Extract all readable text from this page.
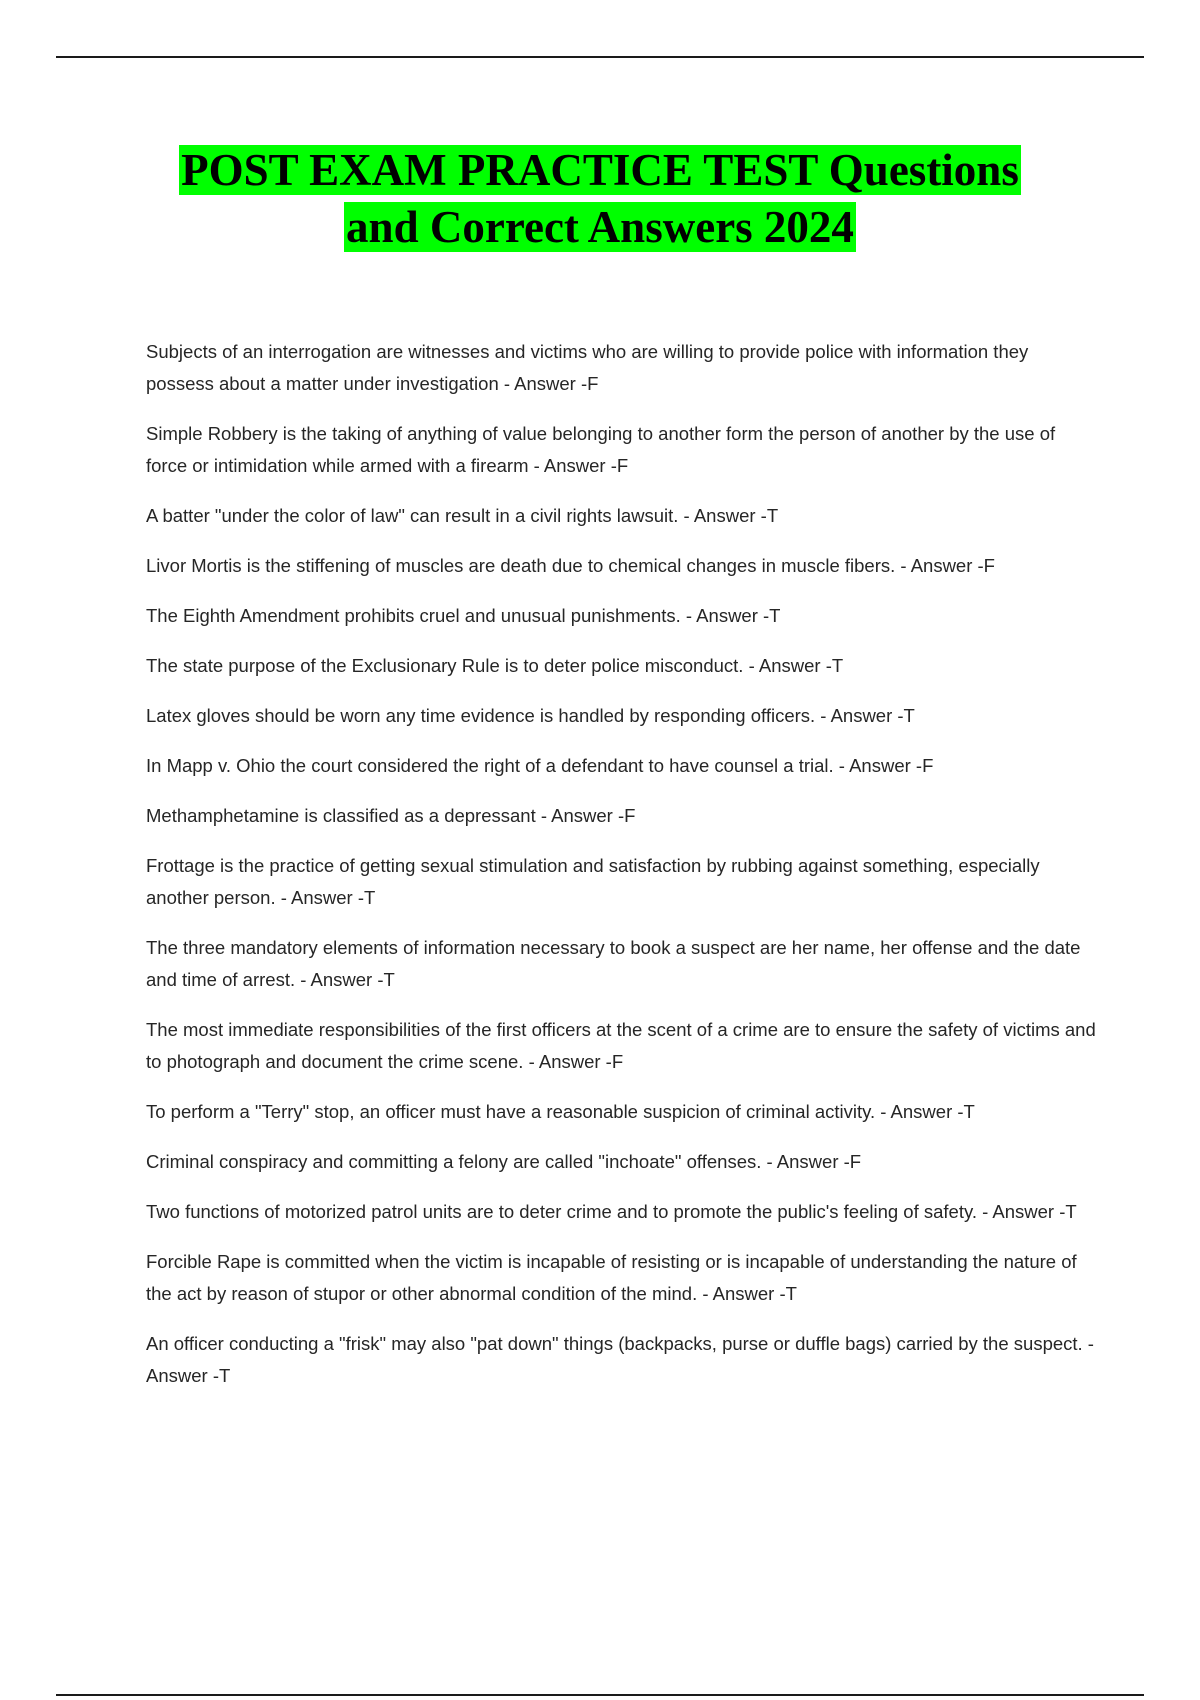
POST EXAM PRACTICE TEST Questions
and Correct Answers 2024
Subjects of an interrogation are witnesses and victims who are willing to provide police with information they possess about a matter under investigation - Answer -F
Simple Robbery is the taking of anything of value belonging to another form the person of another by the use of force or intimidation while armed with a firearm - Answer -F
A batter "under the color of law" can result in a civil rights lawsuit. - Answer -T
Livor Mortis is the stiffening of muscles are death due to chemical changes in muscle fibers. - Answer -F
The Eighth Amendment prohibits cruel and unusual punishments. - Answer -T
The state purpose of the Exclusionary Rule is to deter police misconduct. - Answer -T
Latex gloves should be worn any time evidence is handled by responding officers. - Answer -T
In Mapp v. Ohio the court considered the right of a defendant to have counsel a trial. - Answer -F
Methamphetamine is classified as a depressant - Answer -F
Frottage is the practice of getting sexual stimulation and satisfaction by rubbing against something, especially another person. - Answer -T
The three mandatory elements of information necessary to book a suspect are her name, her offense and the date and time of arrest. - Answer -T
The most immediate responsibilities of the first officers at the scent of a crime are to ensure the safety of victims and to photograph and document the crime scene. - Answer -F
To perform a "Terry" stop, an officer must have a reasonable suspicion of criminal activity. - Answer -T
Criminal conspiracy and committing a felony are called "inchoate" offenses. - Answer -F
Two functions of motorized patrol units are to deter crime and to promote the public's feeling of safety. - Answer -T
Forcible Rape is committed when the victim is incapable of resisting or is incapable of understanding the nature of the act by reason of stupor or other abnormal condition of the mind. - Answer -T
An officer conducting a "frisk" may also "pat down" things (backpacks, purse or duffle bags) carried by the suspect. - Answer -T
